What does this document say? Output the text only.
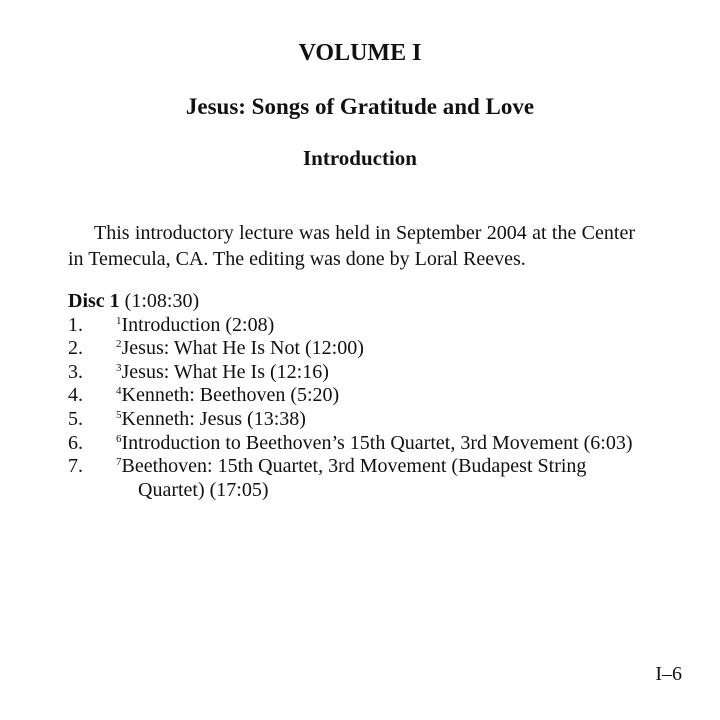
VOLUME I
Jesus: Songs of Gratitude and Love
Introduction

This introductory lecture was held in September 2004 at the Center in Temecula, CA. The editing was done by Loral Reeves.

Disc 1 (1:08:30)

1.	$^1$Introduction (2:08)
2.	$^2$Jesus: What He Is Not (12:00)
3.	$^3$Jesus: What He Is (12:16)
4.	$^4$Kenneth: Beethoven (5:20)
5.	$^5$Kenneth: Jesus (13:38)
6.	$^6$Introduction to Beethoven’s 15th Quartet, 3rd Movement (6:03)
7.	$^7$Beethoven: 15th Quartet, 3rd Movement (Budapest String Quartet) (17:05)

I–6
